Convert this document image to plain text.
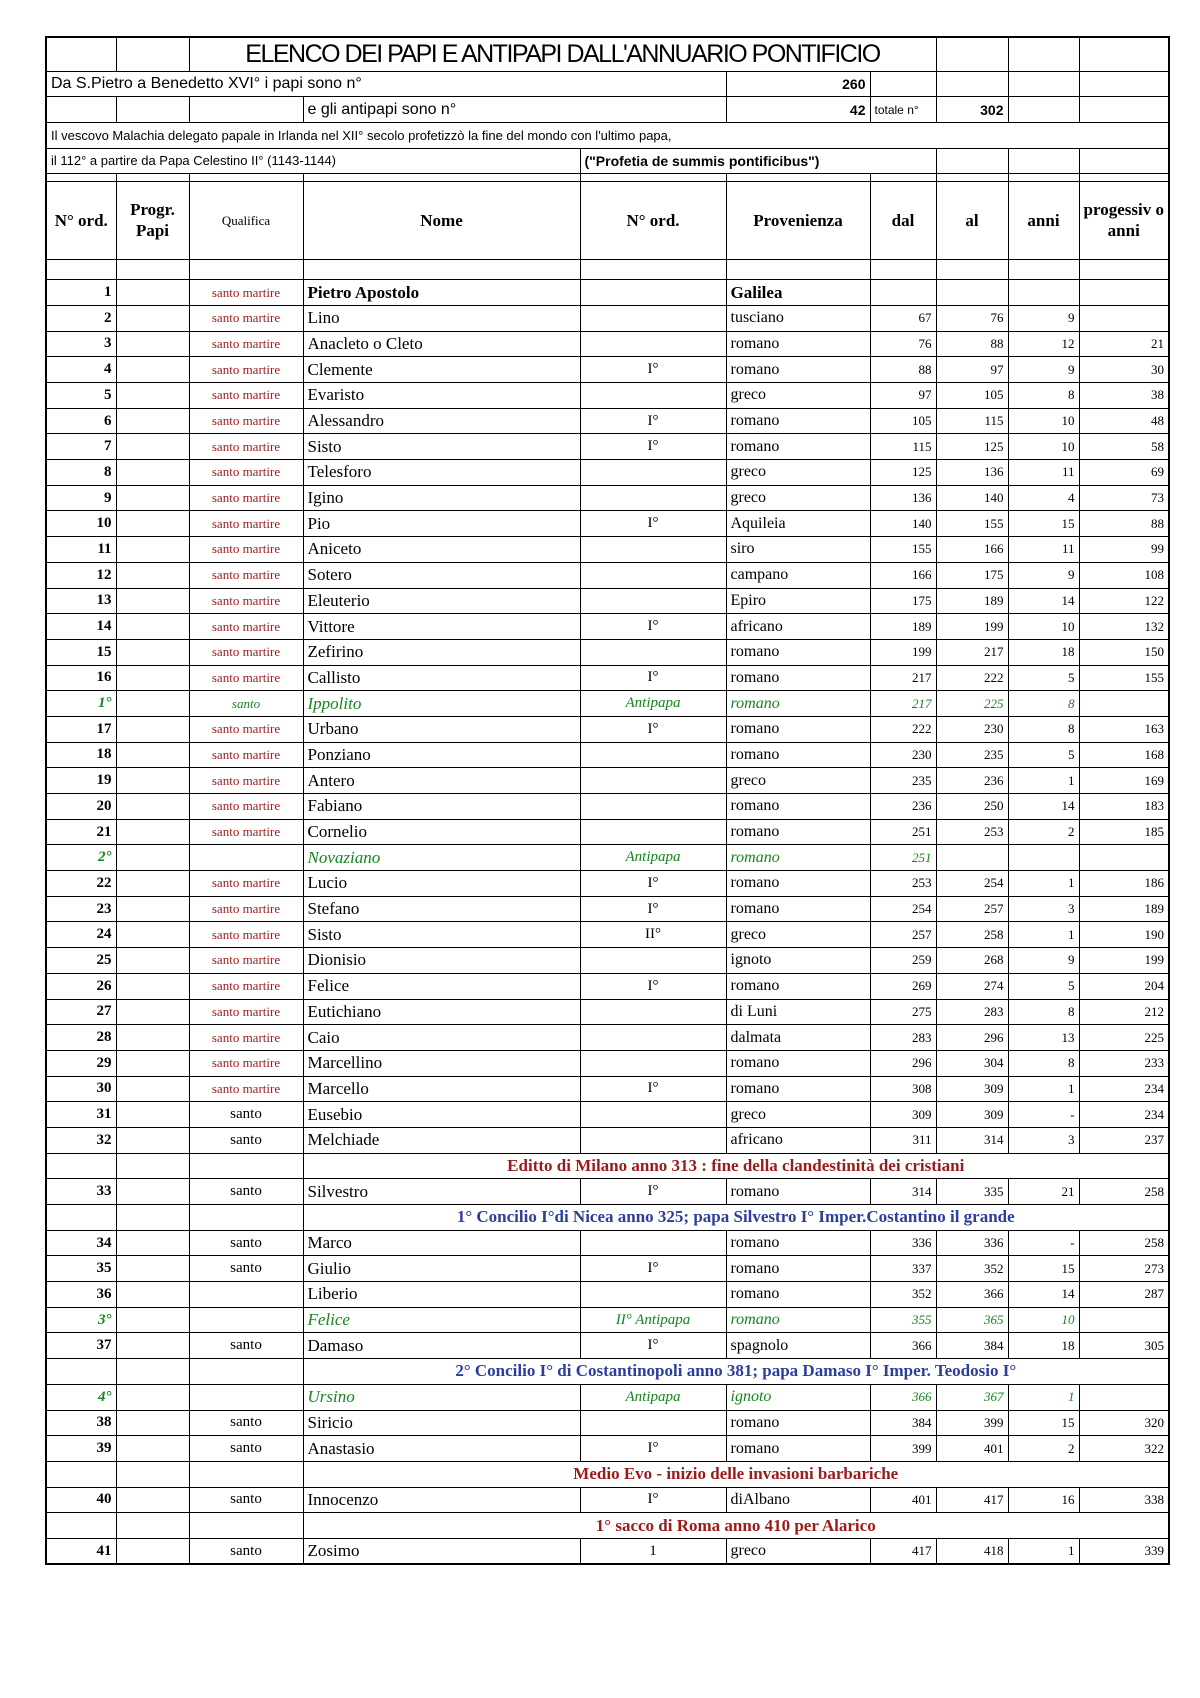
		ELENCO DEI PAPI E ANTIPAPI DALL'ANNUARIO PONTIFICIO							
Da S.Pietro a Benedetto XVI° i papi sono n°					260				
			e gli antipapi sono n°		42	totale n°	302		
Il vescovo Malachia delegato papale in Irlanda nel XII° secolo profetizzò la fine del mondo con l'ultimo papa,									
il 112° a partire da Papa Celestino II° (1143-1144)				("Profetia de summis pontificibus")					

N° ord.	Progr. Papi	Qualifica	Nome	N° ord.	Provenienza	dal	al	anni	progessiv o anni

1		santo martire	Pietro Apostolo		Galilea				
2		santo martire	Lino		tusciano	67	76	9	
3		santo martire	Anacleto o Cleto		romano	76	88	12	21
4		santo martire	Clemente	I°	romano	88	97	9	30
5		santo martire	Evaristo		greco	97	105	8	38
6		santo martire	Alessandro	I°	romano	105	115	10	48
7		santo martire	Sisto	I°	romano	115	125	10	58
8		santo martire	Telesforo		greco	125	136	11	69
9		santo martire	Igino		greco	136	140	4	73
10		santo martire	Pio	I°	Aquileia	140	155	15	88
11		santo martire	Aniceto		siro	155	166	11	99
12		santo martire	Sotero		campano	166	175	9	108
13		santo martire	Eleuterio		Epiro	175	189	14	122
14		santo martire	Vittore	I°	africano	189	199	10	132
15		santo martire	Zefirino		romano	199	217	18	150
16		santo martire	Callisto	I°	romano	217	222	5	155
1°		santo	Ippolito	Antipapa	romano	217	225	8	
17		santo martire	Urbano	I°	romano	222	230	8	163
18		santo martire	Ponziano		romano	230	235	5	168
19		santo martire	Antero		greco	235	236	1	169
20		santo martire	Fabiano		romano	236	250	14	183
21		santo martire	Cornelio		romano	251	253	2	185
2°			Novaziano	Antipapa	romano	251			
22		santo martire	Lucio	I°	romano	253	254	1	186
23		santo martire	Stefano	I°	romano	254	257	3	189
24		santo martire	Sisto	II°	greco	257	258	1	190
25		santo martire	Dionisio		ignoto	259	268	9	199
26		santo martire	Felice	I°	romano	269	274	5	204
27		santo martire	Eutichiano		di Luni	275	283	8	212
28		santo martire	Caio		dalmata	283	296	13	225
29		santo martire	Marcellino		romano	296	304	8	233
30		santo martire	Marcello	I°	romano	308	309	1	234
31		santo	Eusebio		greco	309	309	-	234
32		santo	Melchiade		africano	311	314	3	237
			Editto di Milano anno 313 : fine della clandestinità dei cristiani						
33		santo	Silvestro	I°	romano	314	335	21	258
			1° Concilio I°di Nicea anno 325; papa Silvestro I° Imper.Costantino il grande						
34		santo	Marco		romano	336	336	-	258
35		santo	Giulio	I°	romano	337	352	15	273
36			Liberio		romano	352	366	14	287
3°			Felice	II° Antipapa	romano	355	365	10	
37		santo	Damaso	I°	spagnolo	366	384	18	305
			2° Concilio I° di Costantinopoli anno 381; papa Damaso I° Imper. Teodosio I°						
4°			Ursino	Antipapa	ignoto	366	367	1	
38		santo	Siricio		romano	384	399	15	320
39		santo	Anastasio	I°	romano	399	401	2	322
			Medio Evo - inizio delle invasioni barbariche						
40		santo	Innocenzo	I°	diAlbano	401	417	16	338
			1° sacco di Roma anno 410 per Alarico						
41		santo	Zosimo	1	greco	417	418	1	339
